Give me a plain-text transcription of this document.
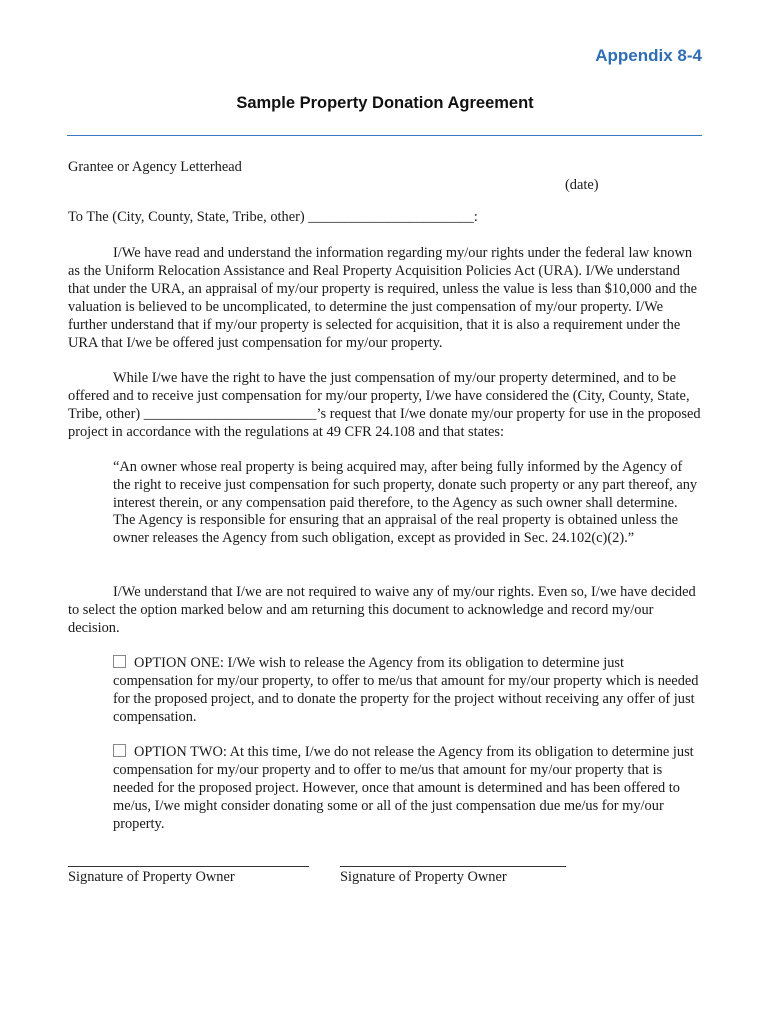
Appendix 8-4
Sample Property Donation Agreement
Grantee or Agency Letterhead
(date)
To The (City, County, State, Tribe, other) _______________________:

I/We have read and understand the information regarding my/our rights under the federal law known as the Uniform Relocation Assistance and Real Property Acquisition Policies Act (URA). I/We understand that under the URA, an appraisal of my/our property is required, unless the value is less than $10,000 and the valuation is believed to be uncomplicated, to determine the just compensation of my/our property. I/We further understand that if my/our property is selected for acquisition, that it is also a requirement under the URA that I/we be offered just compensation for my/our property.

While I/we have the right to have the just compensation of my/our property determined, and to be offered and to receive just compensation for my/our property, I/we have considered the (City, County, State, Tribe, other) ________________________’s request that I/we donate my/our property for use in the proposed project in accordance with the regulations at 49 CFR 24.108 and that states:

“An owner whose real property is being acquired may, after being fully informed by the Agency of the right to receive just compensation for such property, donate such property or any part thereof, any interest therein, or any compensation paid therefore, to the Agency as such owner shall determine. The Agency is responsible for ensuring that an appraisal of the real property is obtained unless the owner releases the Agency from such obligation, except as provided in Sec. 24.102(c)(2).”

I/We understand that I/we are not required to waive any of my/our rights. Even so, I/we have decided to select the option marked below and am returning this document to acknowledge and record my/our decision.

OPTION ONE: I/We wish to release the Agency from its obligation to determine just compensation for my/our property, to offer to me/us that amount for my/our property which is needed for the proposed project, and to donate the property for the project without receiving any offer of just compensation.
OPTION TWO: At this time, I/we do not release the Agency from its obligation to determine just compensation for my/our property and to offer to me/us that amount for my/our property that is needed for the proposed project. However, once that amount is determined and has been offered to me/us, I/we might consider donating some or all of the just compensation due me/us for my/our property.
Signature of Property Owner	Signature of Property Owner
